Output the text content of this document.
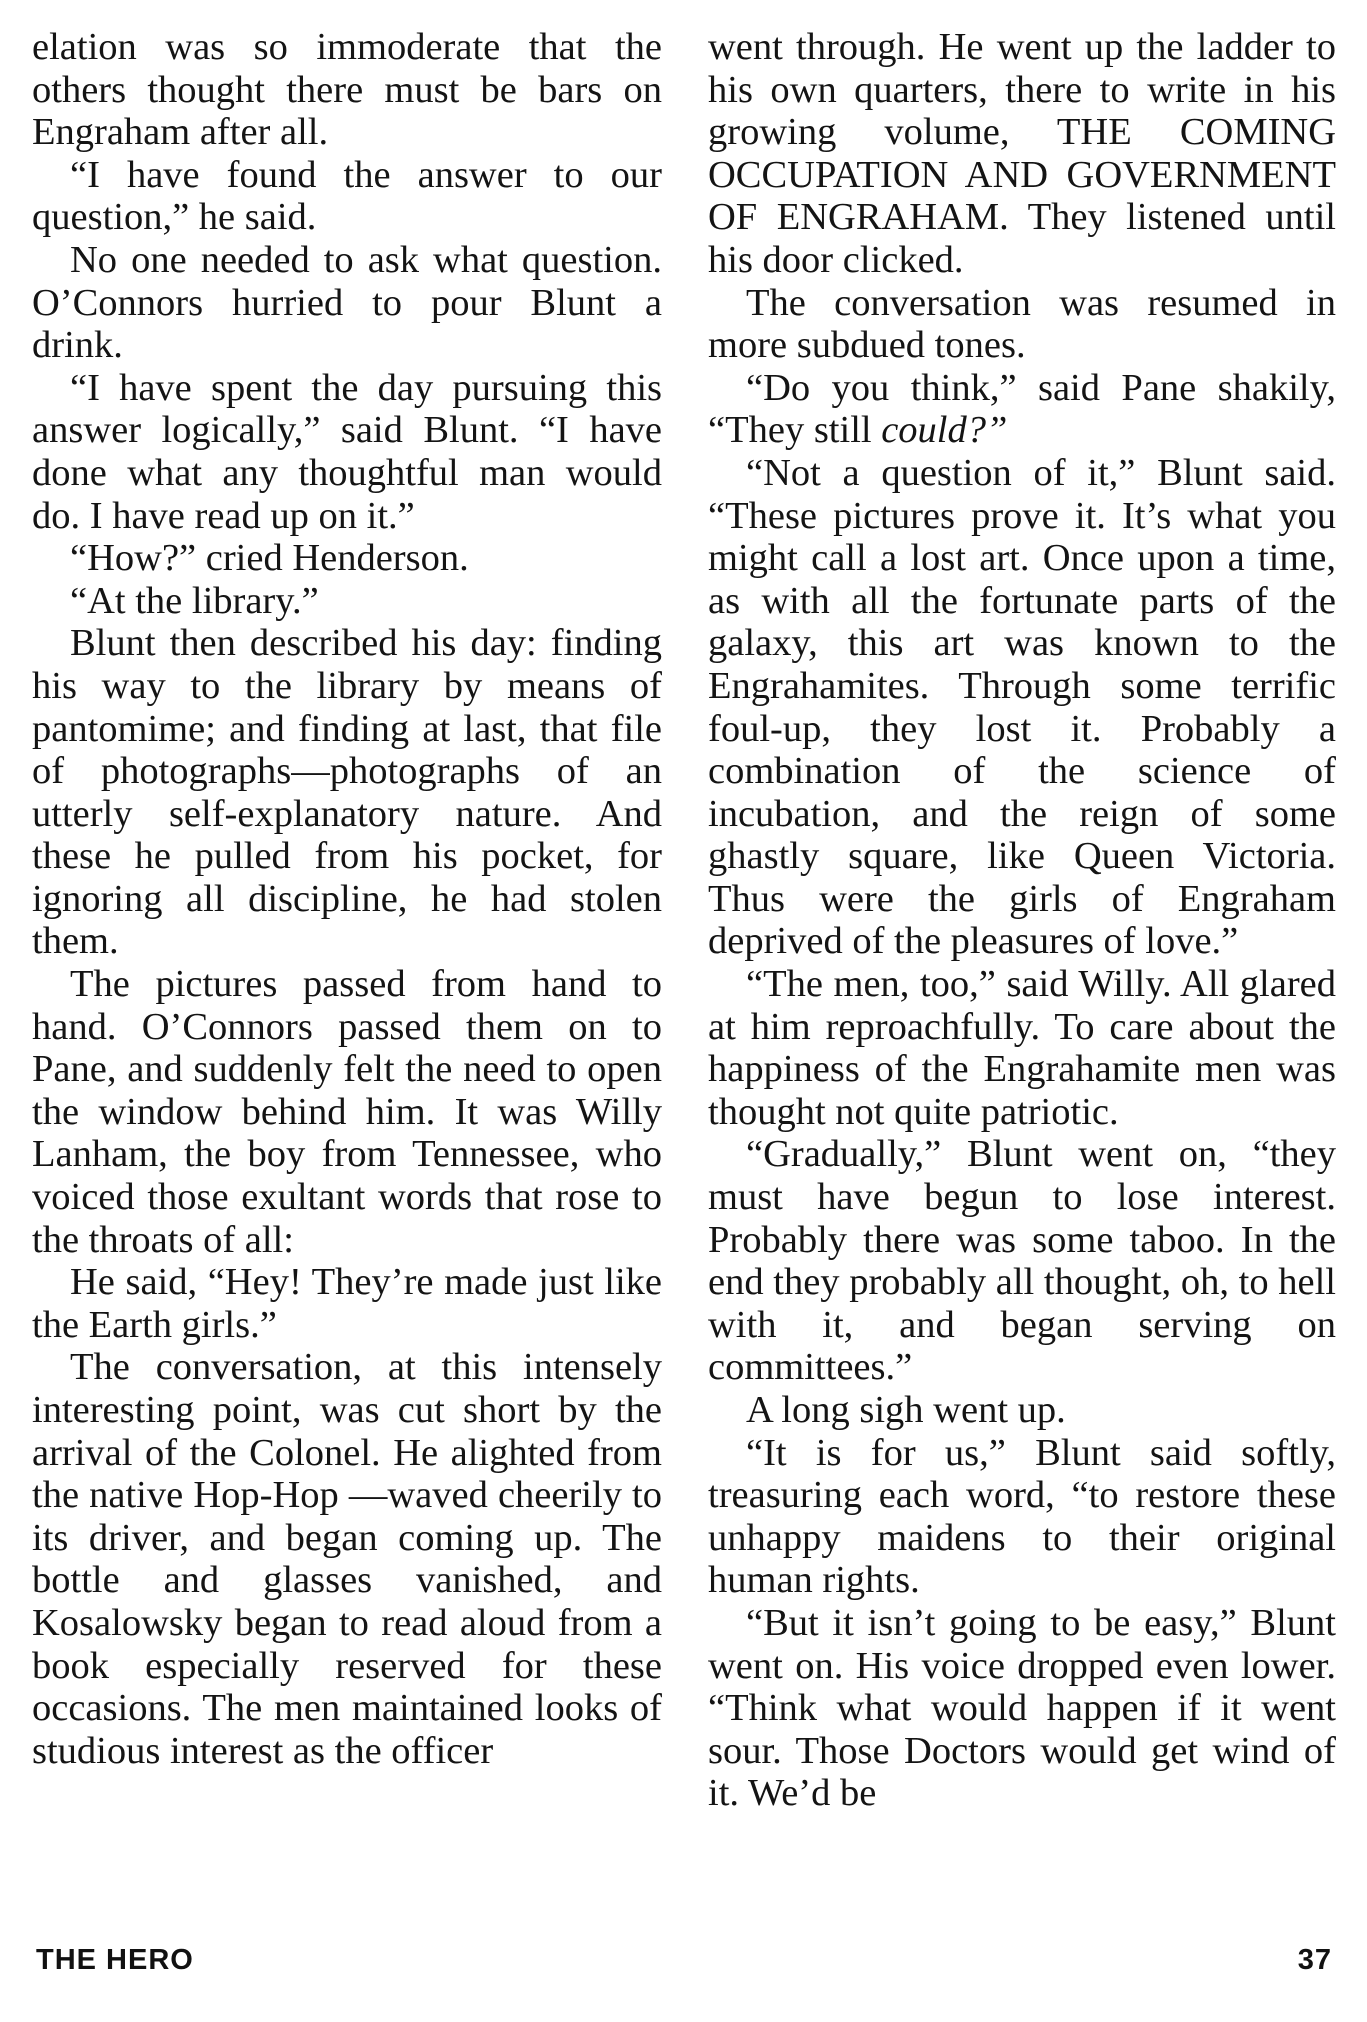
elation was so immoderate that the others thought there must be bars on Engraham after all.

“I have found the answer to our question,” he said.

No one needed to ask what question. O’Connors hurried to pour Blunt a drink.

“I have spent the day pursuing this answer logically,” said Blunt. “I have done what any thoughtful man would do. I have read up on it.”

“How?” cried Henderson.

“At the library.”

Blunt then described his day: finding his way to the library by means of pantomime; and finding at last, that file of photographs—photographs of an utterly self-explanatory nature. And these he pulled from his pocket, for ignoring all discipline, he had stolen them.

The pictures passed from hand to hand. O’Connors passed them on to Pane, and suddenly felt the need to open the window behind him. It was Willy Lanham, the boy from Tennessee, who voiced those exultant words that rose to the throats of all:

He said, “Hey! They’re made just like the Earth girls.”

The conversation, at this intensely interesting point, was cut short by the arrival of the Colonel. He alighted from the native Hop-Hop —waved cheerily to its driver, and began coming up. The bottle and glasses vanished, and Kosalowsky began to read aloud from a book especially reserved for these occasions. The men maintained looks of studious interest as the officer

went through. He went up the ladder to his own quarters, there to write in his growing volume, THE COMING OCCUPATION AND GOVERNMENT OF ENGRAHAM. They listened until his door clicked.

The conversation was resumed in more subdued tones.

“Do you think,” said Pane shakily, “They still could?”

“Not a question of it,” Blunt said. “These pictures prove it. It’s what you might call a lost art. Once upon a time, as with all the fortunate parts of the galaxy, this art was known to the Engrahamites. Through some terrific foul-up, they lost it. Probably a combination of the science of incubation, and the reign of some ghastly square, like Queen Victoria. Thus were the girls of Engraham deprived of the pleasures of love.”

“The men, too,” said Willy. All glared at him reproachfully. To care about the happiness of the Engrahamite men was thought not quite patriotic.

“Gradually,” Blunt went on, “they must have begun to lose interest. Probably there was some taboo. In the end they probably all thought, oh, to hell with it, and began serving on committees.”

A long sigh went up.

“It is for us,” Blunt said softly, treasuring each word, “to restore these unhappy maidens to their original human rights.

“But it isn’t going to be easy,” Blunt went on. His voice dropped even lower. “Think what would happen if it went sour. Those Doctors would get wind of it. We’d be

THE HERO	37
